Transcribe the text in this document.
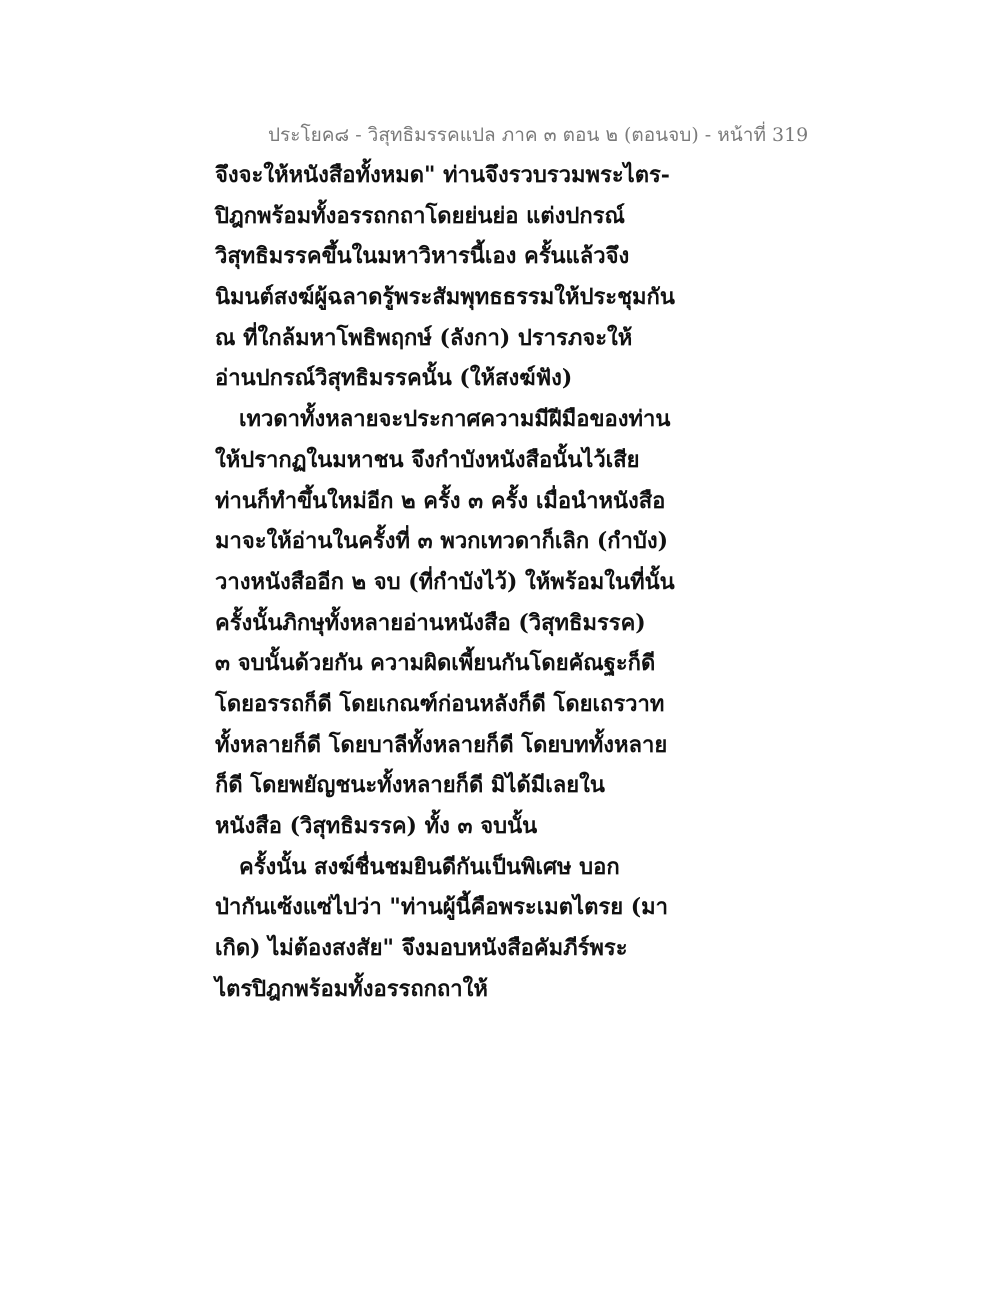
ประโยค๘ - วิสุทธิมรรคแปล ภาค ๓ ตอน ๒ (ตอนจบ) - หน้าที่ 319
จึงจะให้หนังสือทั้งหมด" ท่านจึงรวบรวมพระไตร-
ปิฎกพร้อมทั้งอรรถกถาโดยย่นย่อ แต่งปกรณ์
วิสุทธิมรรคขึ้นในมหาวิหารนี้เอง ครั้นแล้วจึง
นิมนต์สงฆ์ผู้ฉลาดรู้พระสัมพุทธธรรมให้ประชุมกัน
ณ ที่ใกล้มหาโพธิพฤกษ์ (ลังกา) ปรารภจะให้
อ่านปกรณ์วิสุทธิมรรคนั้น (ให้สงฆ์ฟัง)
เทวดาทั้งหลายจะประกาศความมีฝีมือของท่าน
ให้ปรากฏในมหาชน จึงกำบังหนังสือนั้นไว้เสีย
ท่านก็ทำขึ้นใหม่อีก ๒ ครั้ง ๓ ครั้ง เมื่อนำหนังสือ
มาจะให้อ่านในครั้งที่ ๓ พวกเทวดาก็เลิก (กำบัง)
วางหนังสืออีก ๒ จบ (ที่กำบังไว้) ให้พร้อมในที่นั้น
ครั้งนั้นภิกษุทั้งหลายอ่านหนังสือ (วิสุทธิมรรค)
๓ จบนั้นด้วยกัน ความผิดเพี้ยนกันโดยคัณฐะก็ดี
โดยอรรถก็ดี โดยเกณฑ์ก่อนหลังก็ดี โดยเถรวาท
ทั้งหลายก็ดี โดยบาลีทั้งหลายก็ดี โดยบททั้งหลาย
ก็ดี โดยพยัญชนะทั้งหลายก็ดี มิได้มีเลยใน
หนังสือ (วิสุทธิมรรค) ทั้ง ๓ จบนั้น
ครั้งนั้น สงฆ์ชื่นชมยินดีกันเป็นพิเศษ บอก
ป่ากันเซ้งแซ่ไปว่า "ท่านผู้นี้คือพระเมตไตรย (มา
เกิด) ไม่ต้องสงสัย" จึงมอบหนังสือคัมภีร์พระ
ไตรปิฎกพร้อมทั้งอรรถกถาให้
